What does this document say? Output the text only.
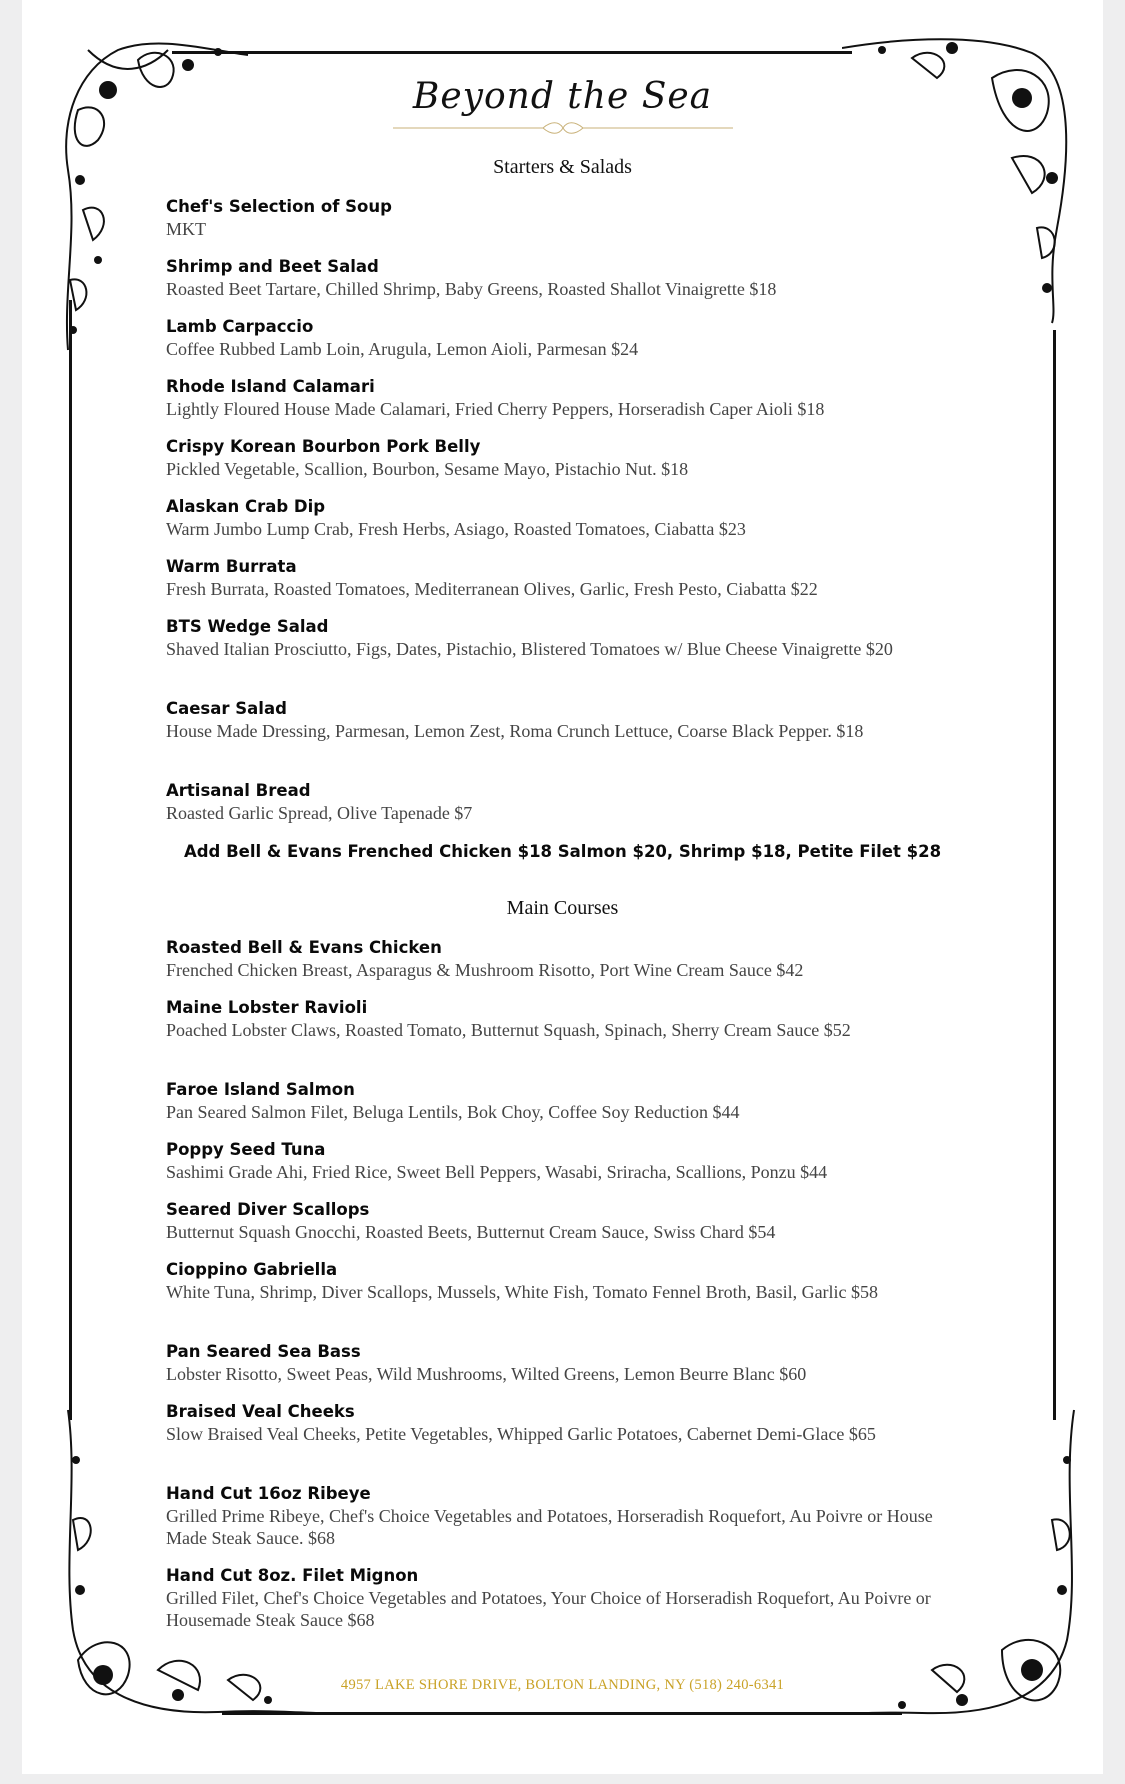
Beyond the Sea
Starters & Salads
Chef's Selection of Soup
MKT
Shrimp and Beet Salad
Roasted Beet Tartare, Chilled Shrimp, Baby Greens, Roasted Shallot Vinaigrette $18
Lamb Carpaccio
Coffee Rubbed Lamb Loin, Arugula, Lemon Aioli, Parmesan $24
Rhode Island Calamari
Lightly Floured House Made Calamari, Fried Cherry Peppers, Horseradish Caper Aioli $18
Crispy Korean Bourbon Pork Belly
Pickled Vegetable, Scallion, Bourbon, Sesame Mayo, Pistachio Nut. $18
Alaskan Crab Dip
Warm Jumbo Lump Crab, Fresh Herbs, Asiago, Roasted Tomatoes, Ciabatta $23
Warm Burrata
Fresh Burrata, Roasted Tomatoes, Mediterranean Olives, Garlic, Fresh Pesto, Ciabatta $22
BTS Wedge Salad
Shaved Italian Prosciutto, Figs, Dates, Pistachio, Blistered Tomatoes w/ Blue Cheese Vinaigrette $20
Caesar Salad
House Made Dressing, Parmesan, Lemon Zest, Roma Crunch Lettuce, Coarse Black Pepper. $18
Artisanal Bread
Roasted Garlic Spread, Olive Tapenade $7
Add Bell & Evans Frenched Chicken $18 Salmon $20, Shrimp $18, Petite Filet $28
Main Courses
Roasted Bell & Evans Chicken
Frenched Chicken Breast, Asparagus & Mushroom Risotto, Port Wine Cream Sauce $42
Maine Lobster Ravioli
Poached Lobster Claws, Roasted Tomato, Butternut Squash, Spinach, Sherry Cream Sauce $52
Faroe Island Salmon
Pan Seared Salmon Filet, Beluga Lentils, Bok Choy, Coffee Soy Reduction $44
Poppy Seed Tuna
Sashimi Grade Ahi, Fried Rice, Sweet Bell Peppers, Wasabi, Sriracha, Scallions, Ponzu $44
Seared Diver Scallops
Butternut Squash Gnocchi, Roasted Beets, Butternut Cream Sauce, Swiss Chard $54
Cioppino Gabriella
White Tuna, Shrimp, Diver Scallops, Mussels, White Fish, Tomato Fennel Broth, Basil, Garlic $58
Pan Seared Sea Bass
Lobster Risotto, Sweet Peas, Wild Mushrooms, Wilted Greens, Lemon Beurre Blanc $60
Braised Veal Cheeks
Slow Braised Veal Cheeks, Petite Vegetables, Whipped Garlic Potatoes, Cabernet Demi-Glace $65
Hand Cut 16oz Ribeye
Grilled Prime Ribeye, Chef's Choice Vegetables and Potatoes, Horseradish Roquefort, Au Poivre or House Made Steak Sauce. $68
Hand Cut 8oz. Filet Mignon
Grilled Filet, Chef's Choice Vegetables and Potatoes, Your Choice of Horseradish Roquefort, Au Poivre or Housemade Steak Sauce $68
4957 LAKE SHORE DRIVE, BOLTON LANDING, NY (518) 240-6341
